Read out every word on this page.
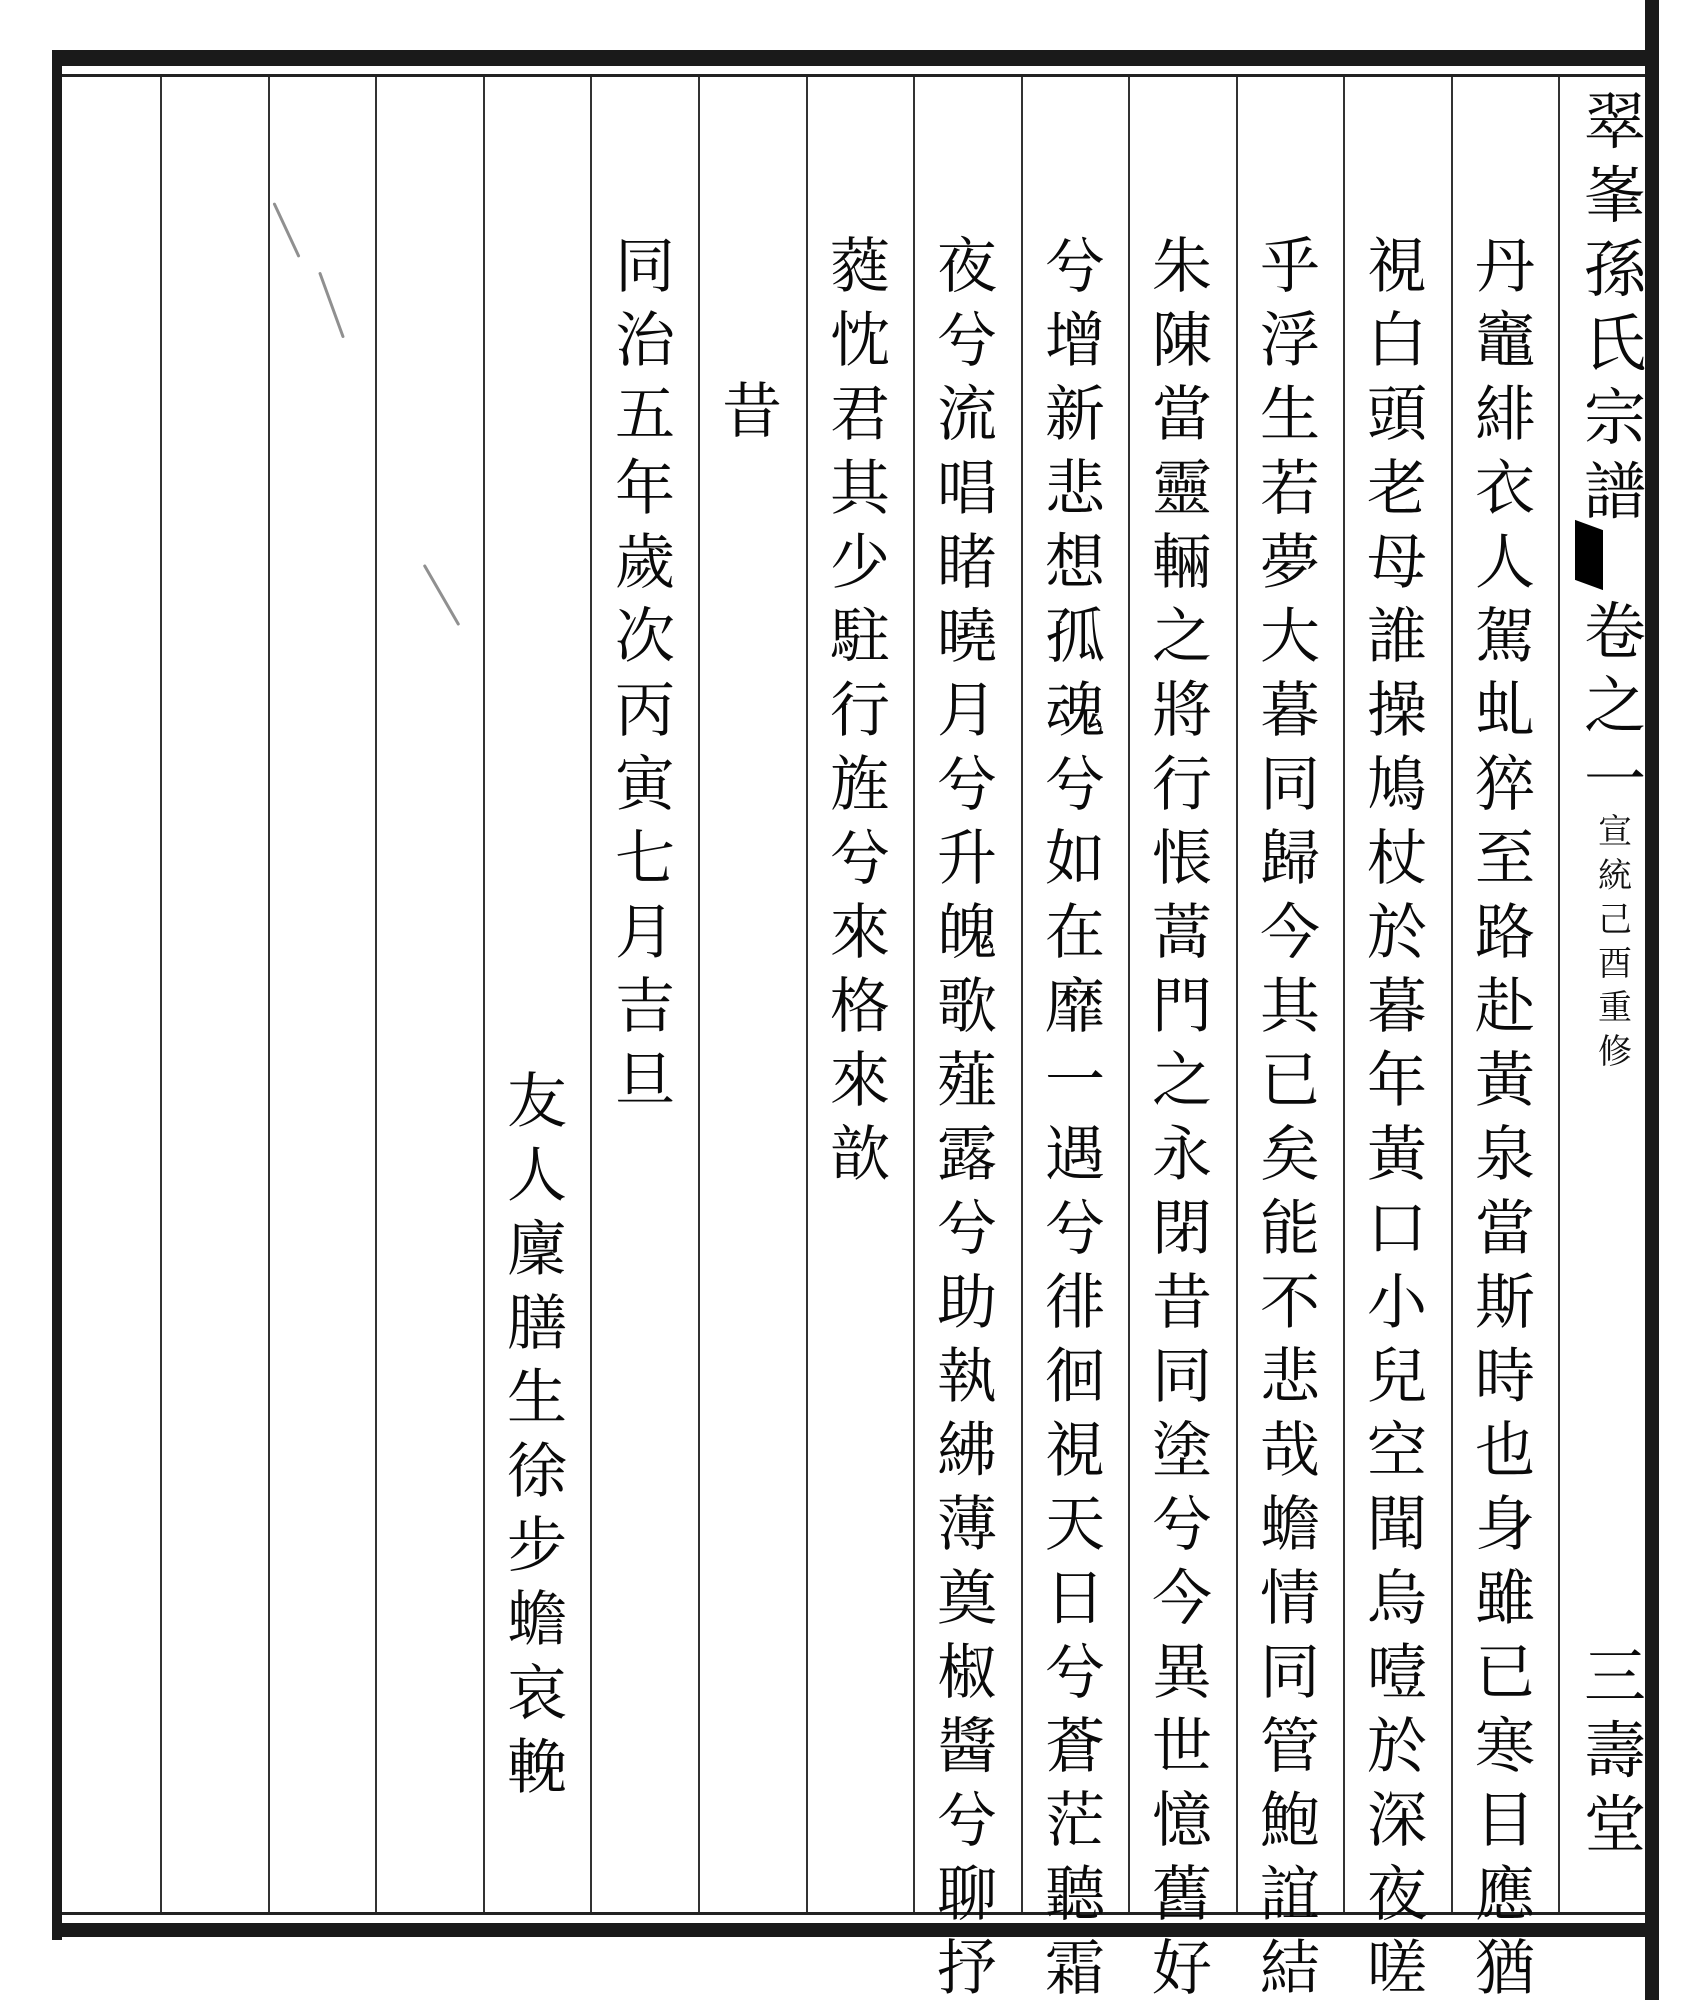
翠
峯
孫
氏
宗
譜
卷
之
一
宣
統
己
酉
重
修
三
壽
堂
丹
竈
緋
衣
人
駕
虬
猝
至
路
赴
黃
泉
當
斯
時
也
身
雖
已
寒
目
應
猶
視
白
頭
老
母
誰
操
鳩
杖
於
暮
年
黃
口
小
兒
空
聞
烏
噎
於
深
夜
嗟
乎
浮
生
若
夢
大
暮
同
歸
今
其
已
矣
能
不
悲
哉
蟾
情
同
管
鮑
誼
結
朱
陳
當
靈
輛
之
將
行
悵
蒿
門
之
永
閉
昔
同
塗
兮
今
異
世
憶
舊
好
兮
增
新
悲
想
孤
魂
兮
如
在
靡
一
遇
兮
徘
徊
視
天
日
兮
蒼
茫
聽
霜
夜
兮
流
唱
睹
曉
月
兮
升
魄
歌
薤
露
兮
助
執
紼
薄
奠
椒
醬
兮
聊
抒
蕤
忱
君
其
少
駐
行
旌
兮
來
格
來
歆
昔
同
治
五
年
歲
次
丙
寅
七
月
吉
旦
友
人
廩
膳
生
徐
步
蟾
哀
輓
